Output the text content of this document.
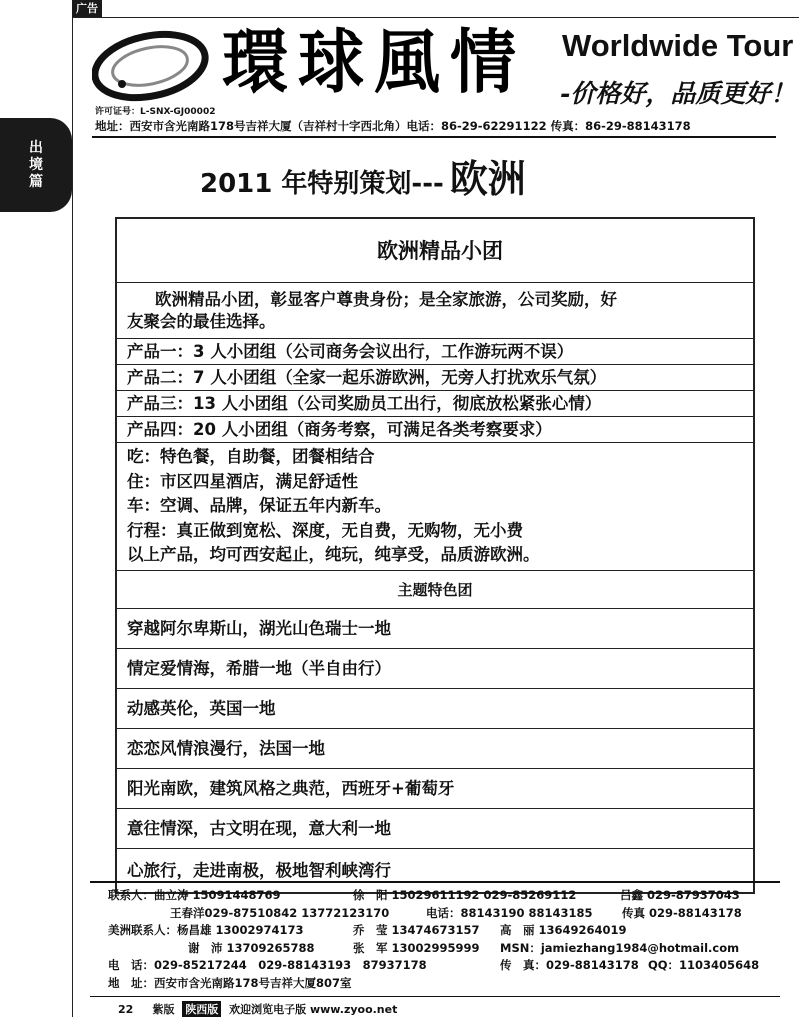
广告
出境篇
環球風情 Worldwide Tour
-价格好，品质更好！
许可证号：L-SNX-GJ00002
地址：西安市含光南路178号吉祥大厦（吉祥村十字西北角）电话：86-29-62291122 传真：86-29-88143178
2011 年特别策划--- 欧洲
欧洲精品小团
欧洲精品小团，彰显客户尊贵身份；是全家旅游，公司奖励，好
友聚会的最佳选择。
产品一：3 人小团组（公司商务会议出行，工作游玩两不误）
产品二：7 人小团组（全家一起乐游欧洲，无旁人打扰欢乐气氛）
产品三：13 人小团组（公司奖励员工出行，彻底放松紧张心情）
产品四：20 人小团组（商务考察，可满足各类考察要求）
吃：特色餐，自助餐，团餐相结合
住：市区四星酒店，满足舒适性
车：空调、品牌，保证五年内新车。
行程：真正做到宽松、深度，无自费，无购物，无小费
以上产品，均可西安起止，纯玩，纯享受，品质游欧洲。
主题特色团
穿越阿尔卑斯山，湖光山色瑞士一地
情定爱情海，希腊一地（半自由行）
动感英伦，英国一地
恋恋风情浪漫行，法国一地
阳光南欧，建筑风格之典范，西班牙+葡萄牙
意往情深，古文明在现，意大利一地
心旅行，走进南极，极地智利峡湾行
联系人：曲立涛 15091448769	徐　阳 15029611192 029-85269112	吕鑫 029-87937043
王春洋029-87510842 13772123170	电话：88143190 88143185	传真 029-88143178
美洲联系人：杨昌雄 13002974173	乔　莹 13474673157 高　丽 13649264019
谢　沛 13709265788	张　军 13002995999 MSN：jamiezhang1984@hotmail.com
电　话：029-85217244　029-88143193　87937178	传　真：029-88143178 QQ：1103405648
地　址：西安市含光南路178号吉祥大厦807室
22 紫版 陕西版 欢迎浏览电子版 www.zyoo.net
